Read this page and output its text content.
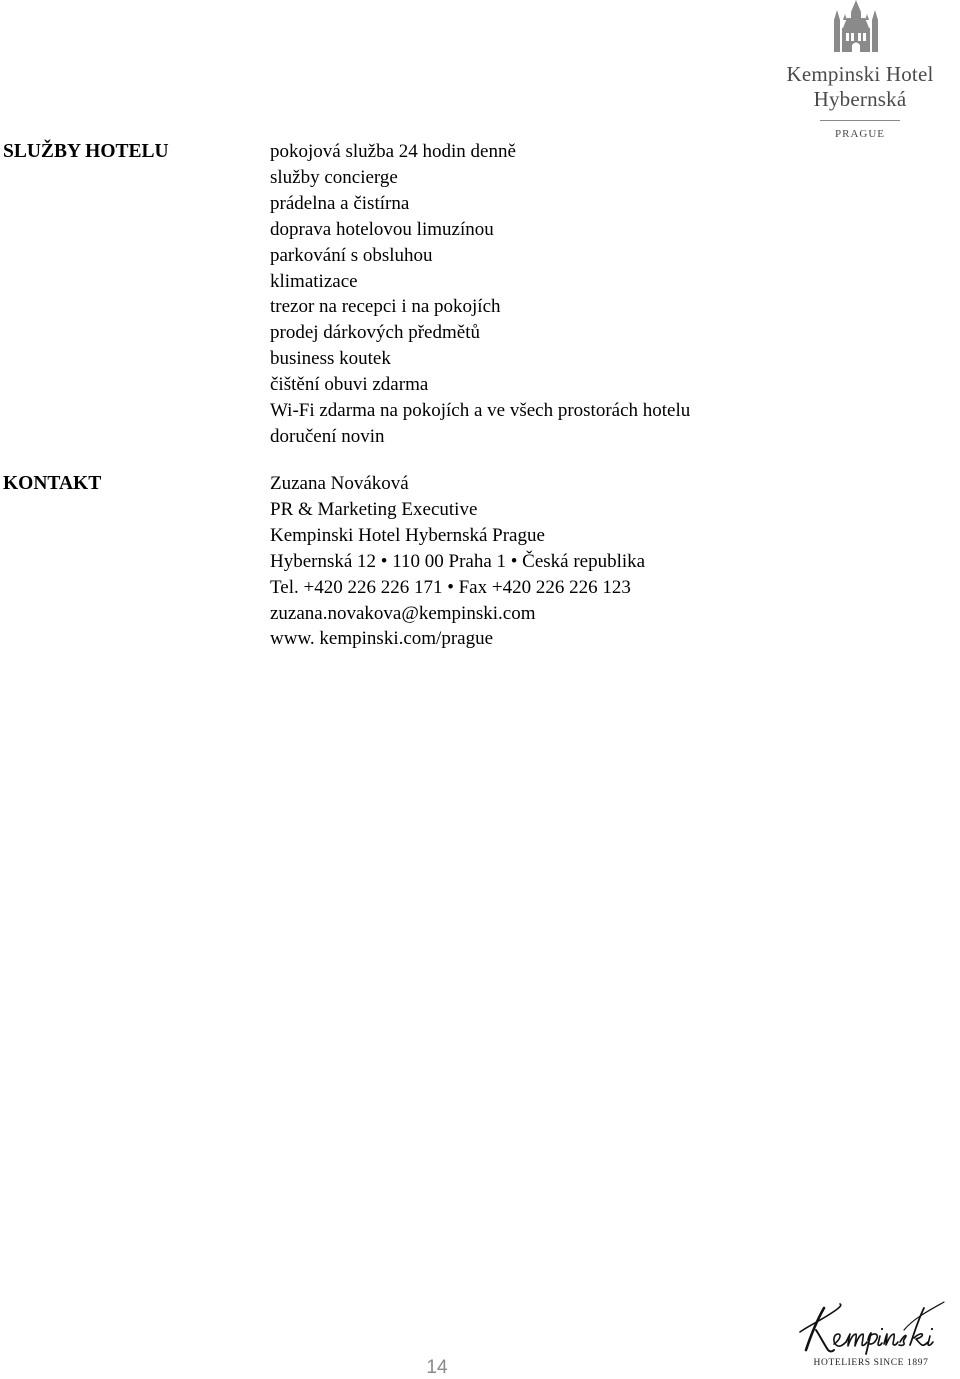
Kempinski Hotel
Hybernská
PRAGUE
SLUŽBY HOTELU	pokojová služba 24 hodin denně
služby concierge
prádelna a čistírna
doprava hotelovou limuzínou
parkování s obsluhou
klimatizace
trezor na recepci i na pokojích
prodej dárkových předmětů
business koutek
čištění obuvi zdarma
Wi-Fi zdarma na pokojích a ve všech prostorách hotelu
doručení novin
KONTAKT	Zuzana Nováková
PR & Marketing Executive
Kempinski Hotel Hybernská Prague
Hybernská 12 • 110 00 Praha 1 • Česká republika
Tel. +420 226 226 171 • Fax +420 226 226 123
zuzana.novakova@kempinski.com
www. kempinski.com/prague
14	HOTELIERS SINCE 1897
